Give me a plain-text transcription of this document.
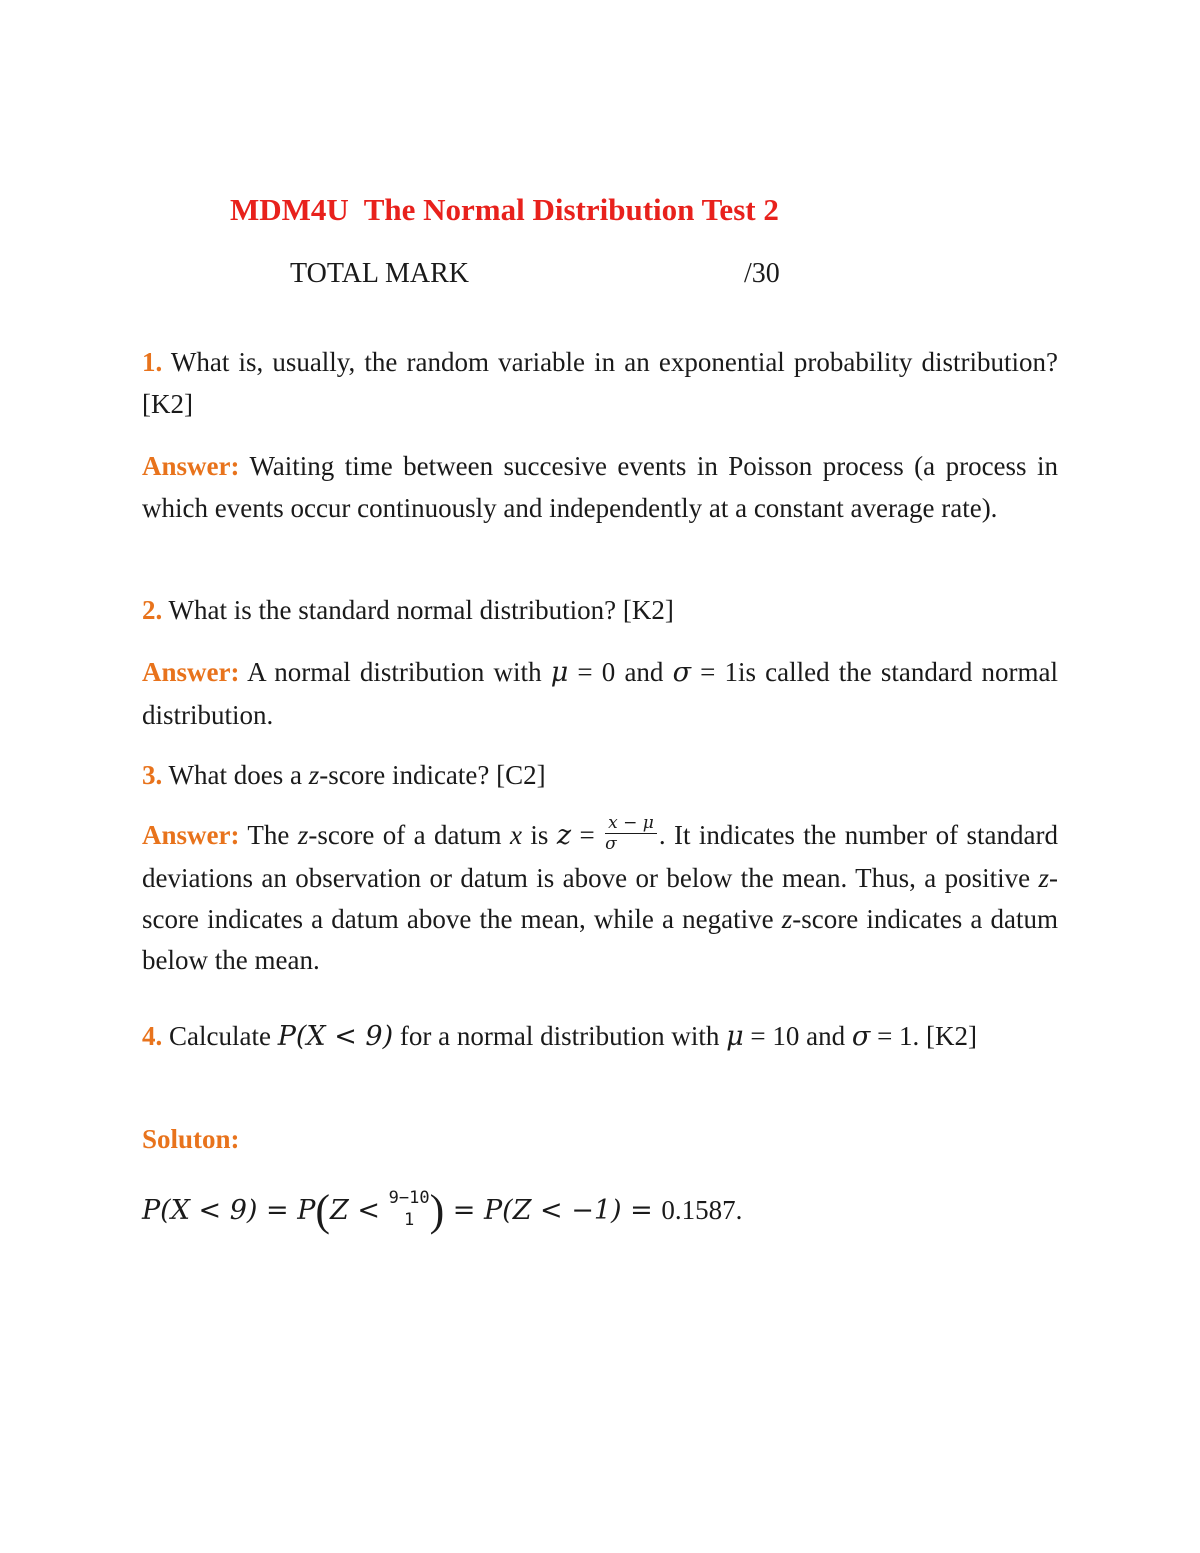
MDM4U  The Normal Distribution Test 2
TOTAL MARK	/30
1. What is, usually, the random variable in an exponential probability distribution? [K2]
Answer: Waiting time between succesive events in Poisson process (a process in which events occur continuously and independently at a constant average rate).
2. What is the standard normal distribution? [K2]
Answer: A normal distribution with μ = 0 and σ = 1is called the standard normal distribution.
3. What does a z-score indicate? [C2]
Answer: The z-score of a datum x is $z = \frac{x - \mu}{\sigma}$ . It indicates the number of standard deviations an observation or datum is above or below the mean. Thus, a positive z-score indicates a datum above the mean, while a negative z-score indicates a datum below the mean.
4. Calculate P(X < 9) for a normal distribution with μ = 10 and σ = 1. [K2]
Soluton:
P(X < 9) = P(Z < 9−10
1 ) = P(Z < −1) = 0.1587.
